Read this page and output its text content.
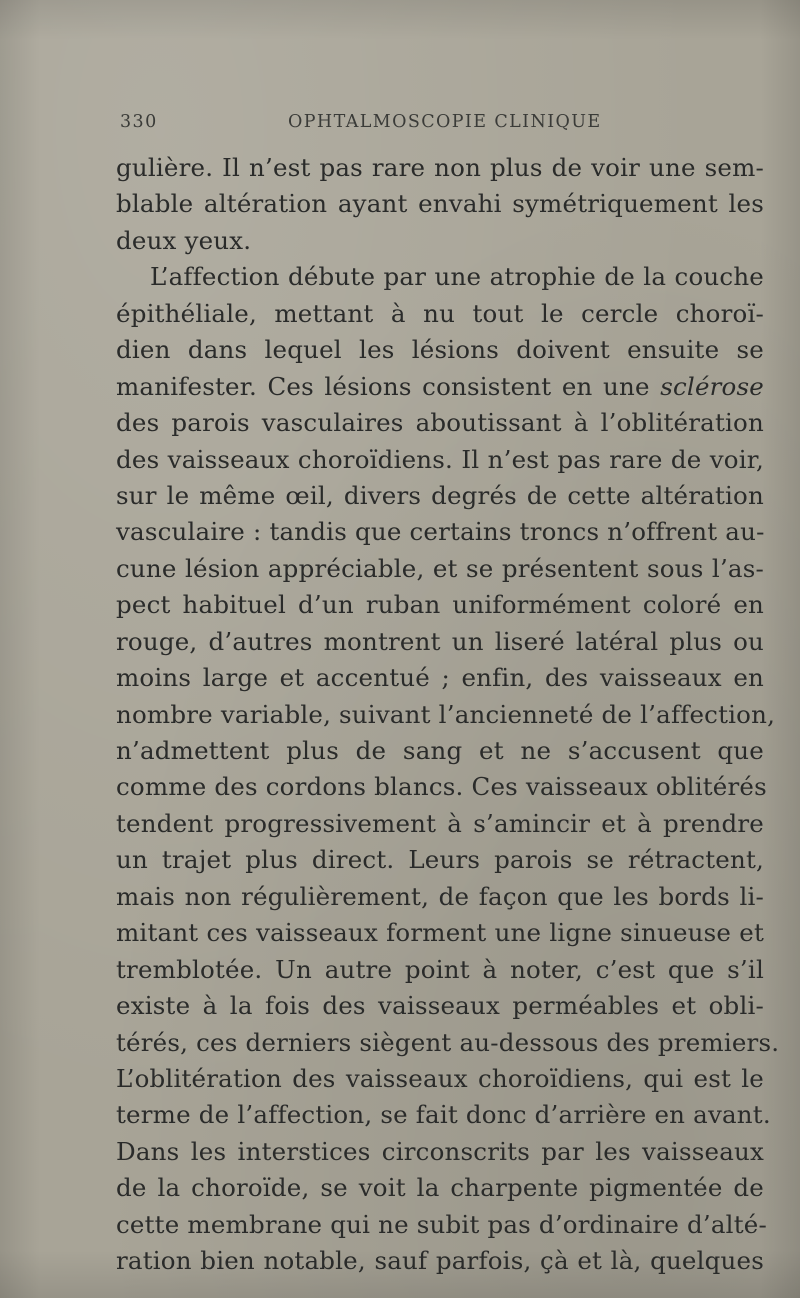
330	OPHTALMOSCOPIE CLINIQUE
gulière. Il n’est pas rare non plus de voir une sem-
blable altération ayant envahi symétriquement les
deux yeux.
L’affection débute par une atrophie de la couche
épithéliale, mettant à nu tout le cercle choroï-
dien dans lequel les lésions doivent ensuite se
manifester. Ces lésions consistent en une sclérose
des parois vasculaires aboutissant à l’oblitération
des vaisseaux choroïdiens. Il n’est pas rare de voir,
sur le même œil, divers degrés de cette altération
vasculaire : tandis que certains troncs n’offrent au-
cune lésion appréciable, et se présentent sous l’as-
pect habituel d’un ruban uniformément coloré en
rouge, d’autres montrent un liseré latéral plus ou
moins large et accentué ; enfin, des vaisseaux en
nombre variable, suivant l’ancienneté de l’affection,
n’admettent plus de sang et ne s’accusent que
comme des cordons blancs. Ces vaisseaux oblitérés
tendent progressivement à s’amincir et à prendre
un trajet plus direct. Leurs parois se rétractent,
mais non régulièrement, de façon que les bords li-
mitant ces vaisseaux forment une ligne sinueuse et
tremblotée. Un autre point à noter, c’est que s’il
existe à la fois des vaisseaux perméables et obli-
térés, ces derniers siègent au-dessous des premiers.
L’oblitération des vaisseaux choroïdiens, qui est le
terme de l’affection, se fait donc d’arrière en avant.
Dans les interstices circonscrits par les vaisseaux
de la choroïde, se voit la charpente pigmentée de
cette membrane qui ne subit pas d’ordinaire d’alté-
ration bien notable, sauf parfois, çà et là, quelques
